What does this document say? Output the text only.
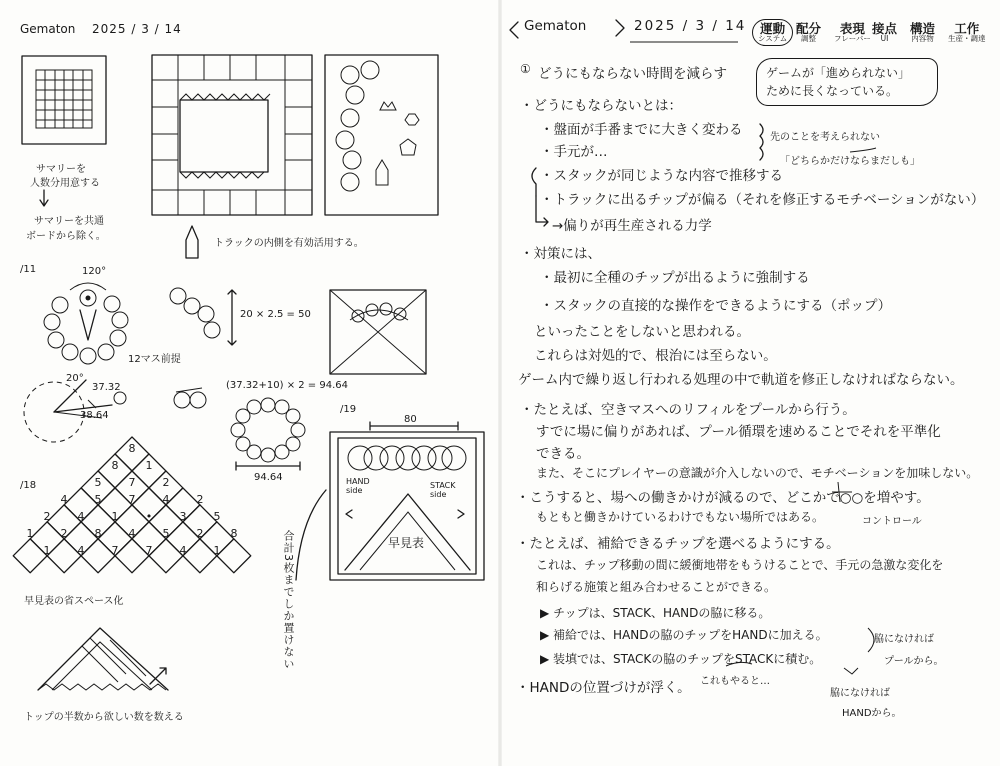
Gematon 2025 / 3 / 14
8
8 1
5 7 2
4 5 7 4 2
2 4 1 • 3 5
1 2 8 4 5 2 8
1 4 7 7 4 1
サマリーを
人数分用意する
サマリーを共通
ボードから除く。
トラックの内側を有効活用する。
/11	120°
12マス前提
20 × 2.5 = 50
20°
37.32
38.64
(37.32+10) × 2 = 94.64
94.64
/19
80
HAND side
STACK side
早見表
合計3枚までしか置けない
/18
早見表の省スペース化
トップの半数から欲しい数を数える
Gematon	2025 / 3 / 14 運動
システム
配分
調整
表現
フレーバー
接点
UI
構造
内容物
工作
生産・調達
① どうにもならない時間を減らす	ゲームが「進められない」
ために長くなっている。
・どうにもならないとは：
・盤面が手番までに大きく変わる
・手元が…
先のことを考えられない
「どちらかだけならまだしも」
・スタックが同じような内容で推移する
・トラックに出るチップが偏る（それを修正するモチベーションがない）
→偏りが再生産される力学
・対策には、
・最初に全種のチップが出るように強制する
・スタックの直接的な操作をできるようにする（ポップ）
といったことをしないと思われる。
これらは対処的で、根治には至らない。
ゲーム内で繰り返し行われる処理の中で軌道を修正しなければならない。
・たとえば、空きマスへのリフィルをプールから行う。
すでに場に偏りがあれば、プール循環を速めることでそれを平準化
できる。
また、そこにプレイヤーの意識が介入しないので、モチベーションを加味しない。
・こうすると、場への働きかけが減るので、どこかで○○を増やす。
コントロール
もともと働きかけているわけでもない場所ではある。
・たとえば、補給できるチップを選べるようにする。
これは、チップ移動の間に緩衝地帯をもうけることで、手元の急激な変化を
和らげる施策と組み合わせることができる。
▶ チップは、STACK、HANDの脇に移る。
▶ 補給では、HANDの脇のチップをHANDに加える。
▶ 装填では、STACKの脇のチップをSTACKに積む。
脇になければ
プールから。
・HANDの位置づけが浮く。 これもやると…
脇になければ
HANDから。
